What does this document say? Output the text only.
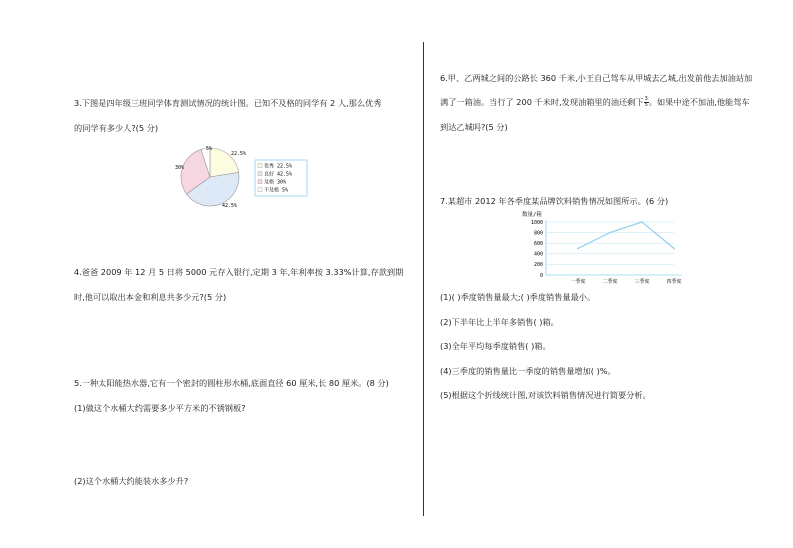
3.下图是四年级三班同学体育测试情况的统计图。已知不及格的同学有 2 人,那么优秀
的同学有多少人?(5 分)
5%
22.5%
30%
42.5%
优秀 22.5%
良好 42.5%
及格 30%
不及格 5%
4.爸爸 2009 年 12 月 5 日将 5000 元存入银行,定期 3 年,年利率按 3.33%计算,存款到期
时,他可以取出本金和利息共多少元?(5 分)
5.一种太阳能热水器,它有一个密封的圆柱形水桶,底面直径 60 厘米,长 80 厘米。(8 分)
(1)做这个水桶大约需要多少平方米的不锈钢板?
(2)这个水桶大约能装水多少升?
6.甲、乙两城之间的公路长 360 千米,小王自己驾车从甲城去乙城,出发前他去加油站加
满了一箱油。当行了 200 千米时,发现油箱里的油还剩下 $\frac{3}{5}$ 。如果中途不加油,他能驾车
到达乙城吗?(5 分)
7.某超市 2012 年各季度某品牌饮料销售情况如图所示。(6 分)
数量/箱
0
200
400
600
800
1000
一季度	二季度	三季度	四季度
(1)( )季度销售量最大;( )季度销售量最小。
(2)下半年比上半年多销售( )箱。
(3)全年平均每季度销售( )箱。
(4)三季度的销售量比一季度的销售量增加( )%。
(5)根据这个折线统计图,对该饮料销售情况进行简要分析。
